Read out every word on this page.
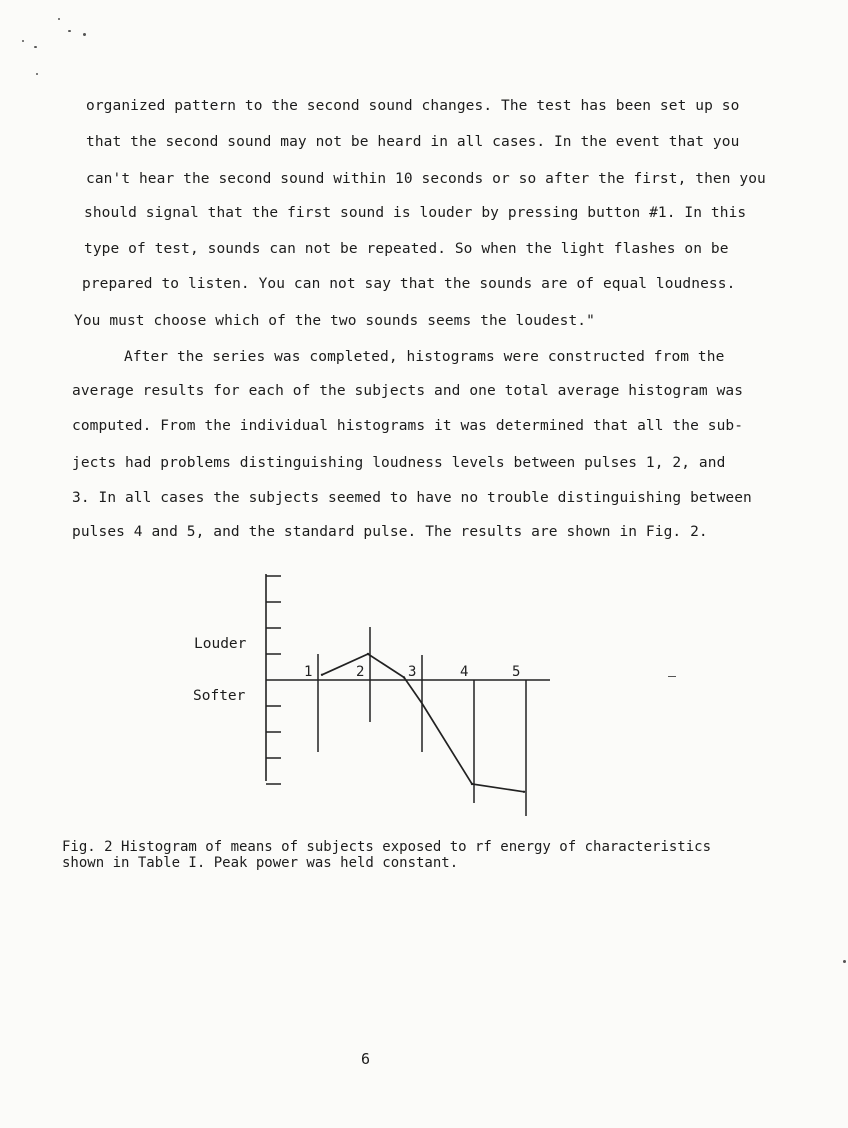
organized pattern to the second sound changes. The test has been set up so
that the second sound may not be heard in all cases. In the event that you
can't hear the second sound within 10 seconds or so after the first, then you
should signal that the first sound is louder by pressing button #1. In this
type of test, sounds can not be repeated. So when the light flashes on be
prepared to listen. You can not say that the sounds are of equal loudness.
You must choose which of the two sounds seems the loudest."
After the series was completed, histograms were constructed from the
average results for each of the subjects and one total average histogram was
computed. From the individual histograms it was determined that all the sub-
jects had problems distinguishing loudness levels between pulses 1, 2, and
3. In all cases the subjects seemed to have no trouble distinguishing between
pulses 4 and 5, and the standard pulse. The results are shown in Fig. 2.
Louder
Softer
1	2	3	4	5
Fig. 2 Histogram of means of subjects exposed to rf energy of characteristics
shown in Table I. Peak power was held constant.
6
